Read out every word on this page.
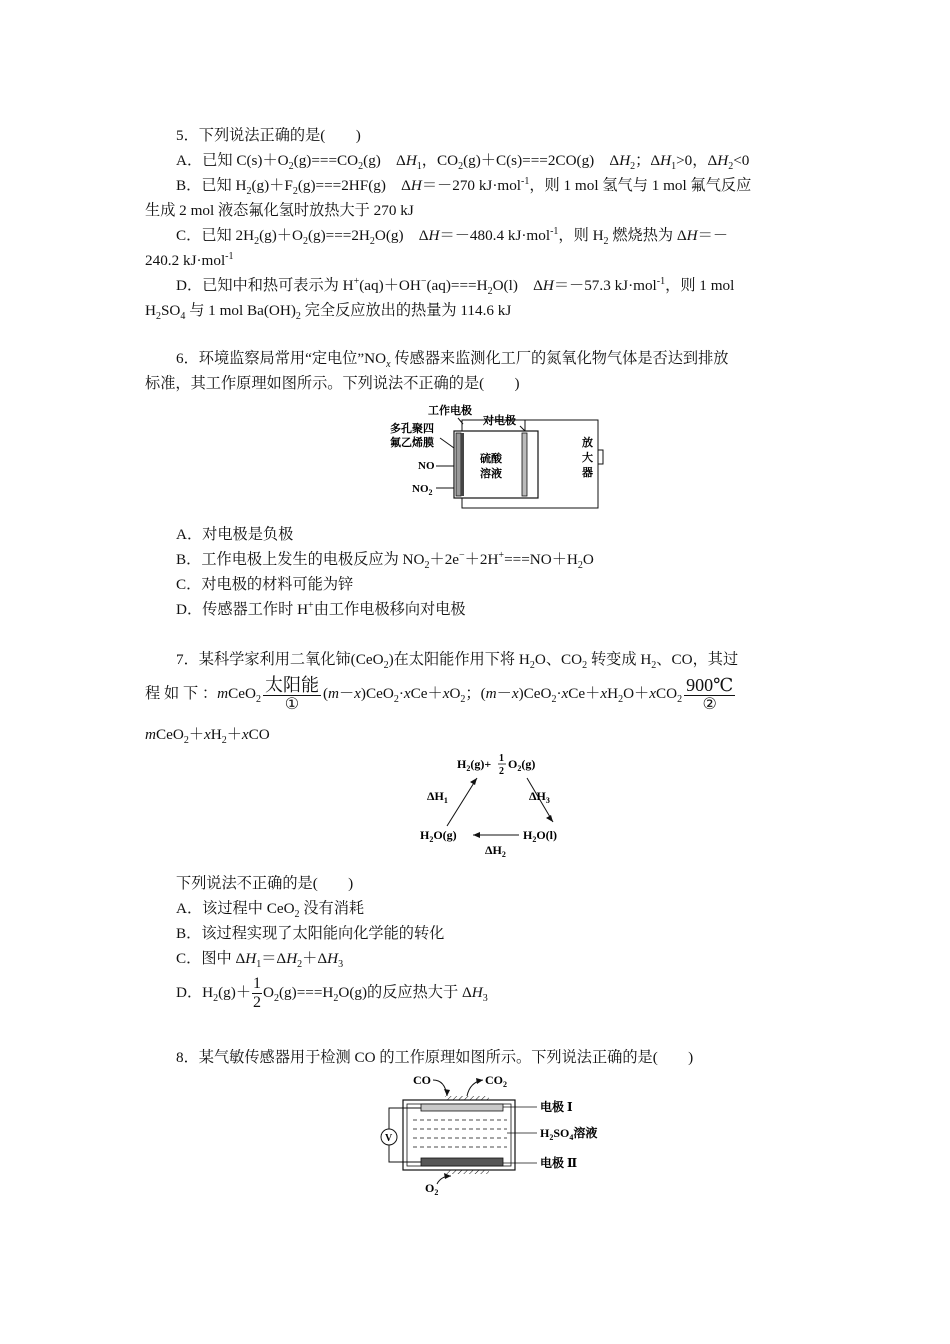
5．下列说法正确的是(　　)
A．已知 $C(s)+O_2(g)===CO_2(g)$　$\Delta H_1$，$CO_2(g)+C(s)===2CO(g)$　$\Delta H_2$；$\Delta H_1>0$，$\Delta H_2<0$
B．已知 $H_2(g)+F_2(g)===2HF(g)$　ΔH＝－270 kJ·mol$^{-1}$，则 1 mol 氢气与 1 mol 氟气反应
生成 2 mol 液态氟化氢时放热大于 270 kJ
C．已知 $2H_2(g)+O_2(g)===2H_2O(g)$　ΔH＝－480.4 kJ·mol$^{-1}$，则 $H_2$ 燃烧热为 ΔH＝－
240.2 kJ·mol$^{-1}$
D．已知中和热可表示为 $H^+(aq)+OH^-(aq)===H_2O(l)$　ΔH＝－57.3 kJ·mol$^{-1}$，则 1 mol
$H_2SO_4$ 与 1 mol $Ba(OH)_2$ 完全反应放出的热量为 114.6 kJ
6．环境监察局常用“定电位$”NO_x$ 传感器来监测化工厂的氮氧化物气体是否达到排放
标准，其工作原理如图所示。下列说法不正确的是(　　)
工作电极
对电极
多孔聚四
氟乙烯膜
NO
$NO_2$
硫酸
溶液
放
大
器
A．对电极是负极
B．工作电极上发生的电极反应为 $NO_2+2e^-+2H^+===NO+H_2O$
C．对电极的材料可能为锌
D．传感器工作时 H+由工作电极移向对电极
7．某科学家利用二氧化铈(CeO$_2$)在太阳能作用下将 $H_2O$、$CO_2$ 转变成 $H_2$、CO，其过
程 如 下 ：mCeO$_2$
太阳能
①
$(m-x)CeO_2\cdot xCe+xO_2$；$(m-x)CeO_2\cdot xCe+xH_2O+xCO_2$
900℃
②
$mCeO_2+xH_2+xCO$
$H_2(g)+ 1$
2
$O_2(g)$
$\Delta H_1$	$\Delta H_3$
$H_2O(g)$	$H_2O(l)$
$\Delta H_2$
下列说法不正确的是(　　)
A．该过程中 CeO$_2$ 没有消耗
B．该过程实现了太阳能向化学能的转化
C．图中 $\Delta H_1=\Delta H_2+\Delta H_3$
D．$H_2(g)+ \frac{1}{2} O_2(g)===H_2O(g)$的反应热大于 $\Delta H_3$
8．某气敏传感器用于检测 CO 的工作原理如图所示。下列说法正确的是(　　)
CO	$CO_2$
V
电极 Ⅰ
$H_2SO_4$溶液
电极 Ⅱ
$O_2$
